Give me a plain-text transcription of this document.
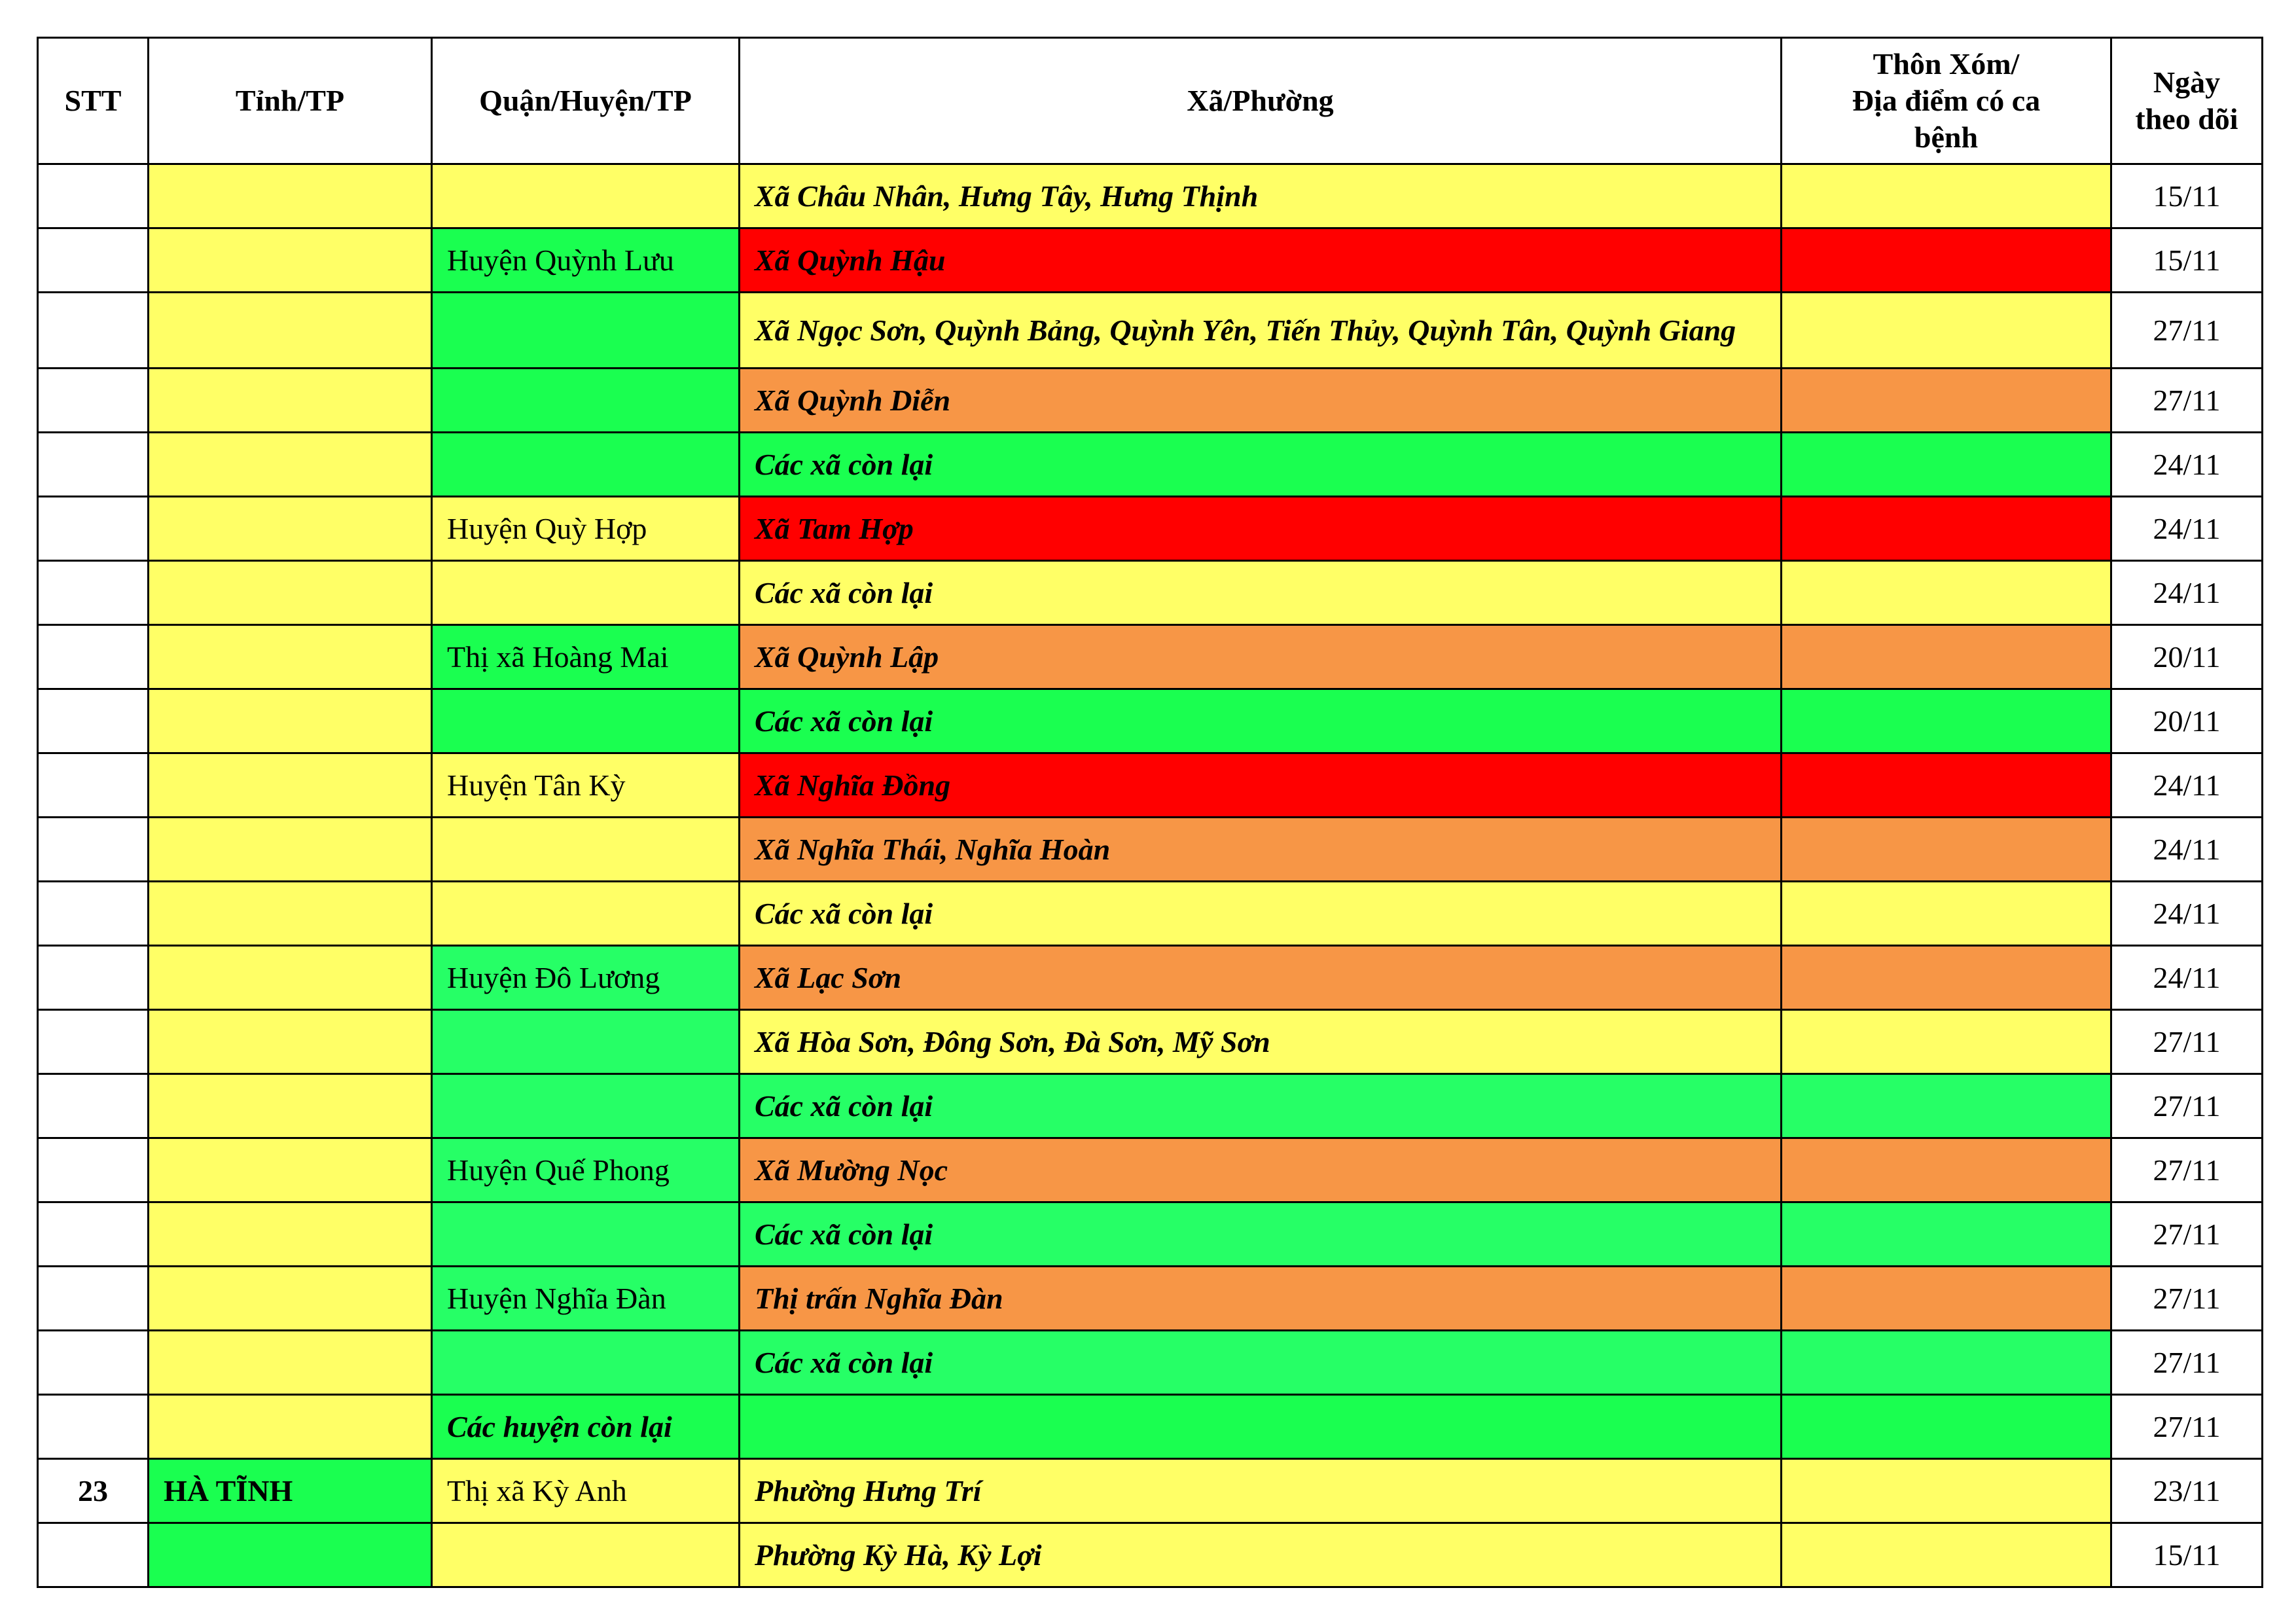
STT	Tỉnh/TP	Quận/Huyện/TP	Xã/Phường	Thôn Xóm/
Địa điểm có ca
bệnh	Ngày
theo dõi
			Xã Châu Nhân, Hưng Tây, Hưng Thịnh		15/11
		Huyện Quỳnh Lưu	Xã Quỳnh Hậu		15/11
			Xã Ngọc Sơn, Quỳnh Bảng, Quỳnh Yên, Tiến Thủy, Quỳnh Tân, Quỳnh Giang		27/11
			Xã Quỳnh Diễn		27/11
			Các xã còn lại		24/11
		Huyện Quỳ Hợp	Xã Tam Hợp		24/11
			Các xã còn lại		24/11
		Thị xã Hoàng Mai	Xã Quỳnh Lập		20/11
			Các xã còn lại		20/11
		Huyện Tân Kỳ	Xã Nghĩa Đồng		24/11
			Xã Nghĩa Thái, Nghĩa Hoàn		24/11
			Các xã còn lại		24/11
		Huyện Đô Lương	Xã Lạc Sơn		24/11
			Xã Hòa Sơn, Đông Sơn, Đà Sơn, Mỹ Sơn		27/11
			Các xã còn lại		27/11
		Huyện Quế Phong	Xã Mường Nọc		27/11
			Các xã còn lại		27/11
		Huyện Nghĩa Đàn	Thị trấn Nghĩa Đàn		27/11
			Các xã còn lại		27/11
		Các huyện còn lại			27/11
23	HÀ TĨNH	Thị xã Kỳ Anh	Phường Hưng Trí		23/11
			Phường Kỳ Hà, Kỳ Lợi		15/11
